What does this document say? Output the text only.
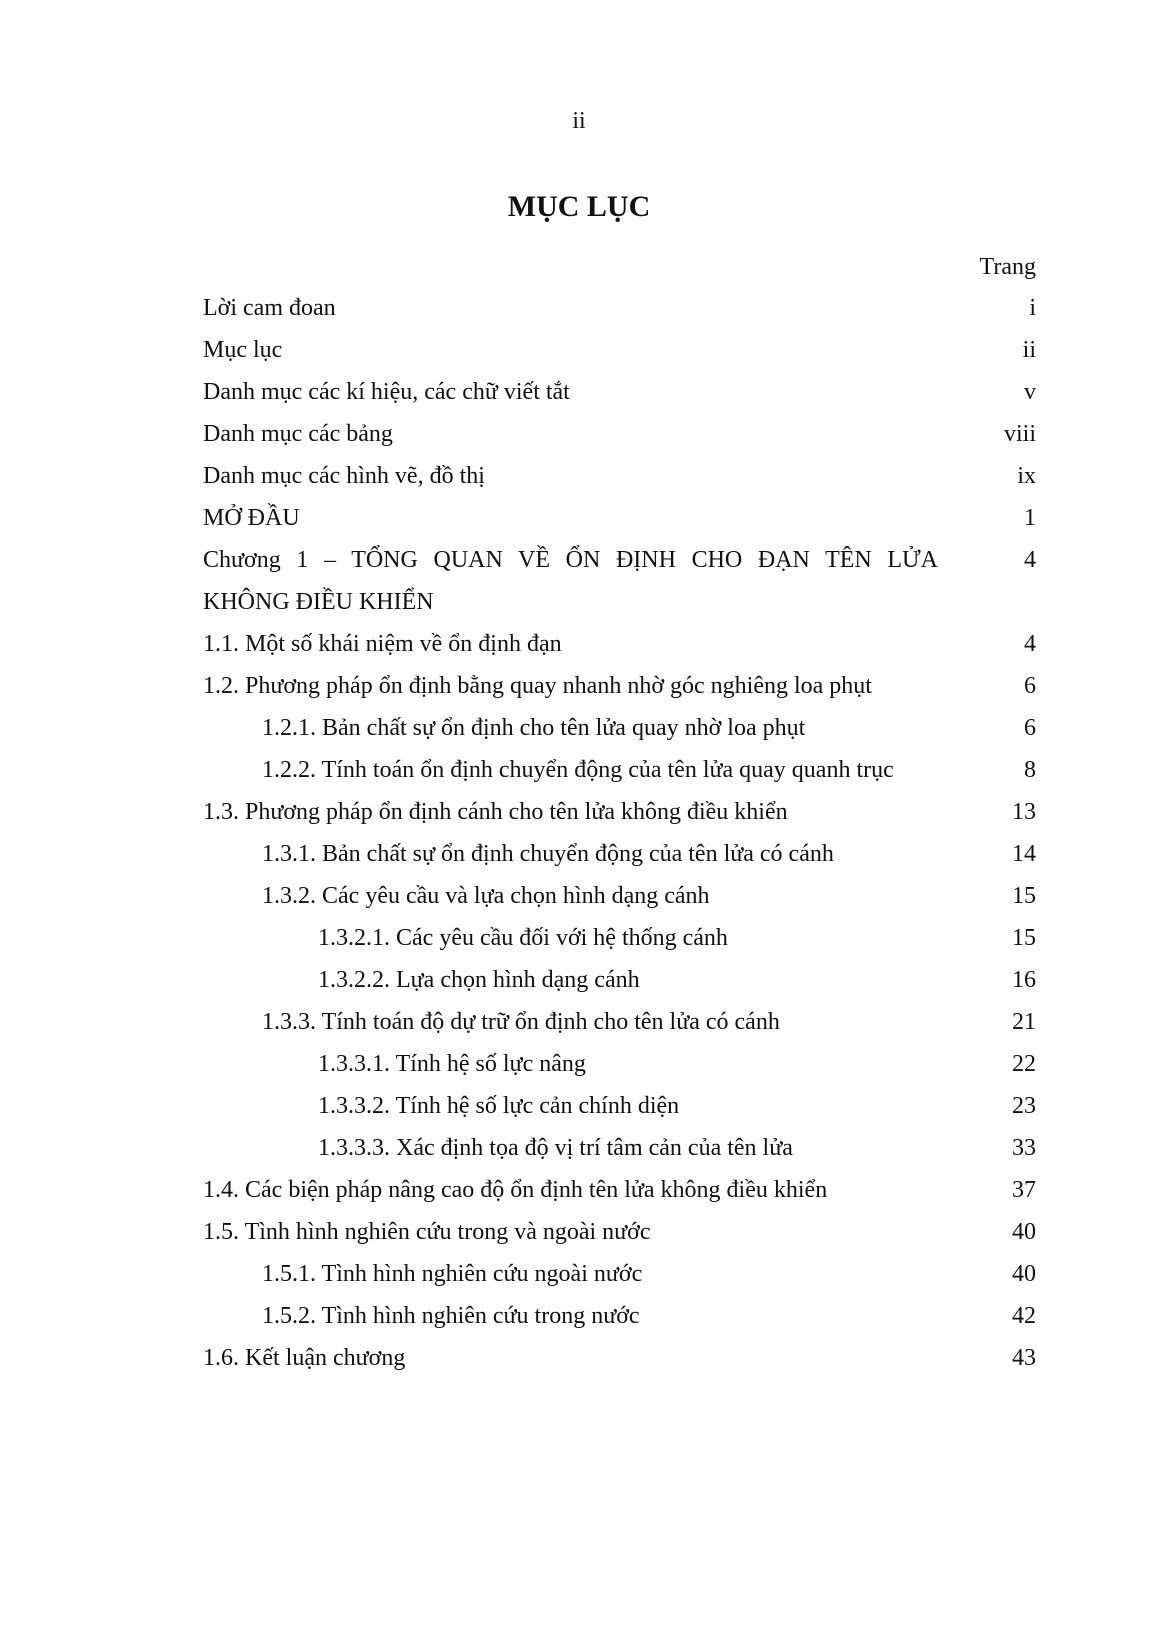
ii
MỤC LỤC
Trang
Lời cam đoan	i
Mục lục	ii
Danh mục các kí hiệu, các chữ viết tắt	v
Danh mục các bảng	viii
Danh mục các hình vẽ, đồ thị	ix
MỞ ĐẦU	1
Chương 1 – TỔNG QUAN VỀ ỔN ĐỊNH CHO ĐẠN TÊN LỬA	4
KHÔNG ĐIỀU KHIỂN
1.1. Một số khái niệm về ổn định đạn	4
1.2. Phương pháp ổn định bằng quay nhanh nhờ góc nghiêng loa phụt	6
1.2.1. Bản chất sự ổn định cho tên lửa quay nhờ loa phụt	6
1.2.2. Tính toán ổn định chuyển động của tên lửa quay quanh trục	8
1.3. Phương pháp ổn định cánh cho tên lửa không điều khiển	13
1.3.1. Bản chất sự ổn định chuyển động của tên lửa có cánh	14
1.3.2. Các yêu cầu và lựa chọn hình dạng cánh	15
1.3.2.1. Các yêu cầu đối với hệ thống cánh	15
1.3.2.2. Lựa chọn hình dạng cánh	16
1.3.3. Tính toán độ dự trữ ổn định cho tên lửa có cánh	21
1.3.3.1. Tính hệ số lực nâng	22
1.3.3.2. Tính hệ số lực cản chính diện	23
1.3.3.3. Xác định tọa độ vị trí tâm cản của tên lửa	33
1.4. Các biện pháp nâng cao độ ổn định tên lửa không điều khiển	37
1.5. Tình hình nghiên cứu trong và ngoài nước	40
1.5.1. Tình hình nghiên cứu ngoài nước	40
1.5.2. Tình hình nghiên cứu trong nước	42
1.6. Kết luận chương	43
